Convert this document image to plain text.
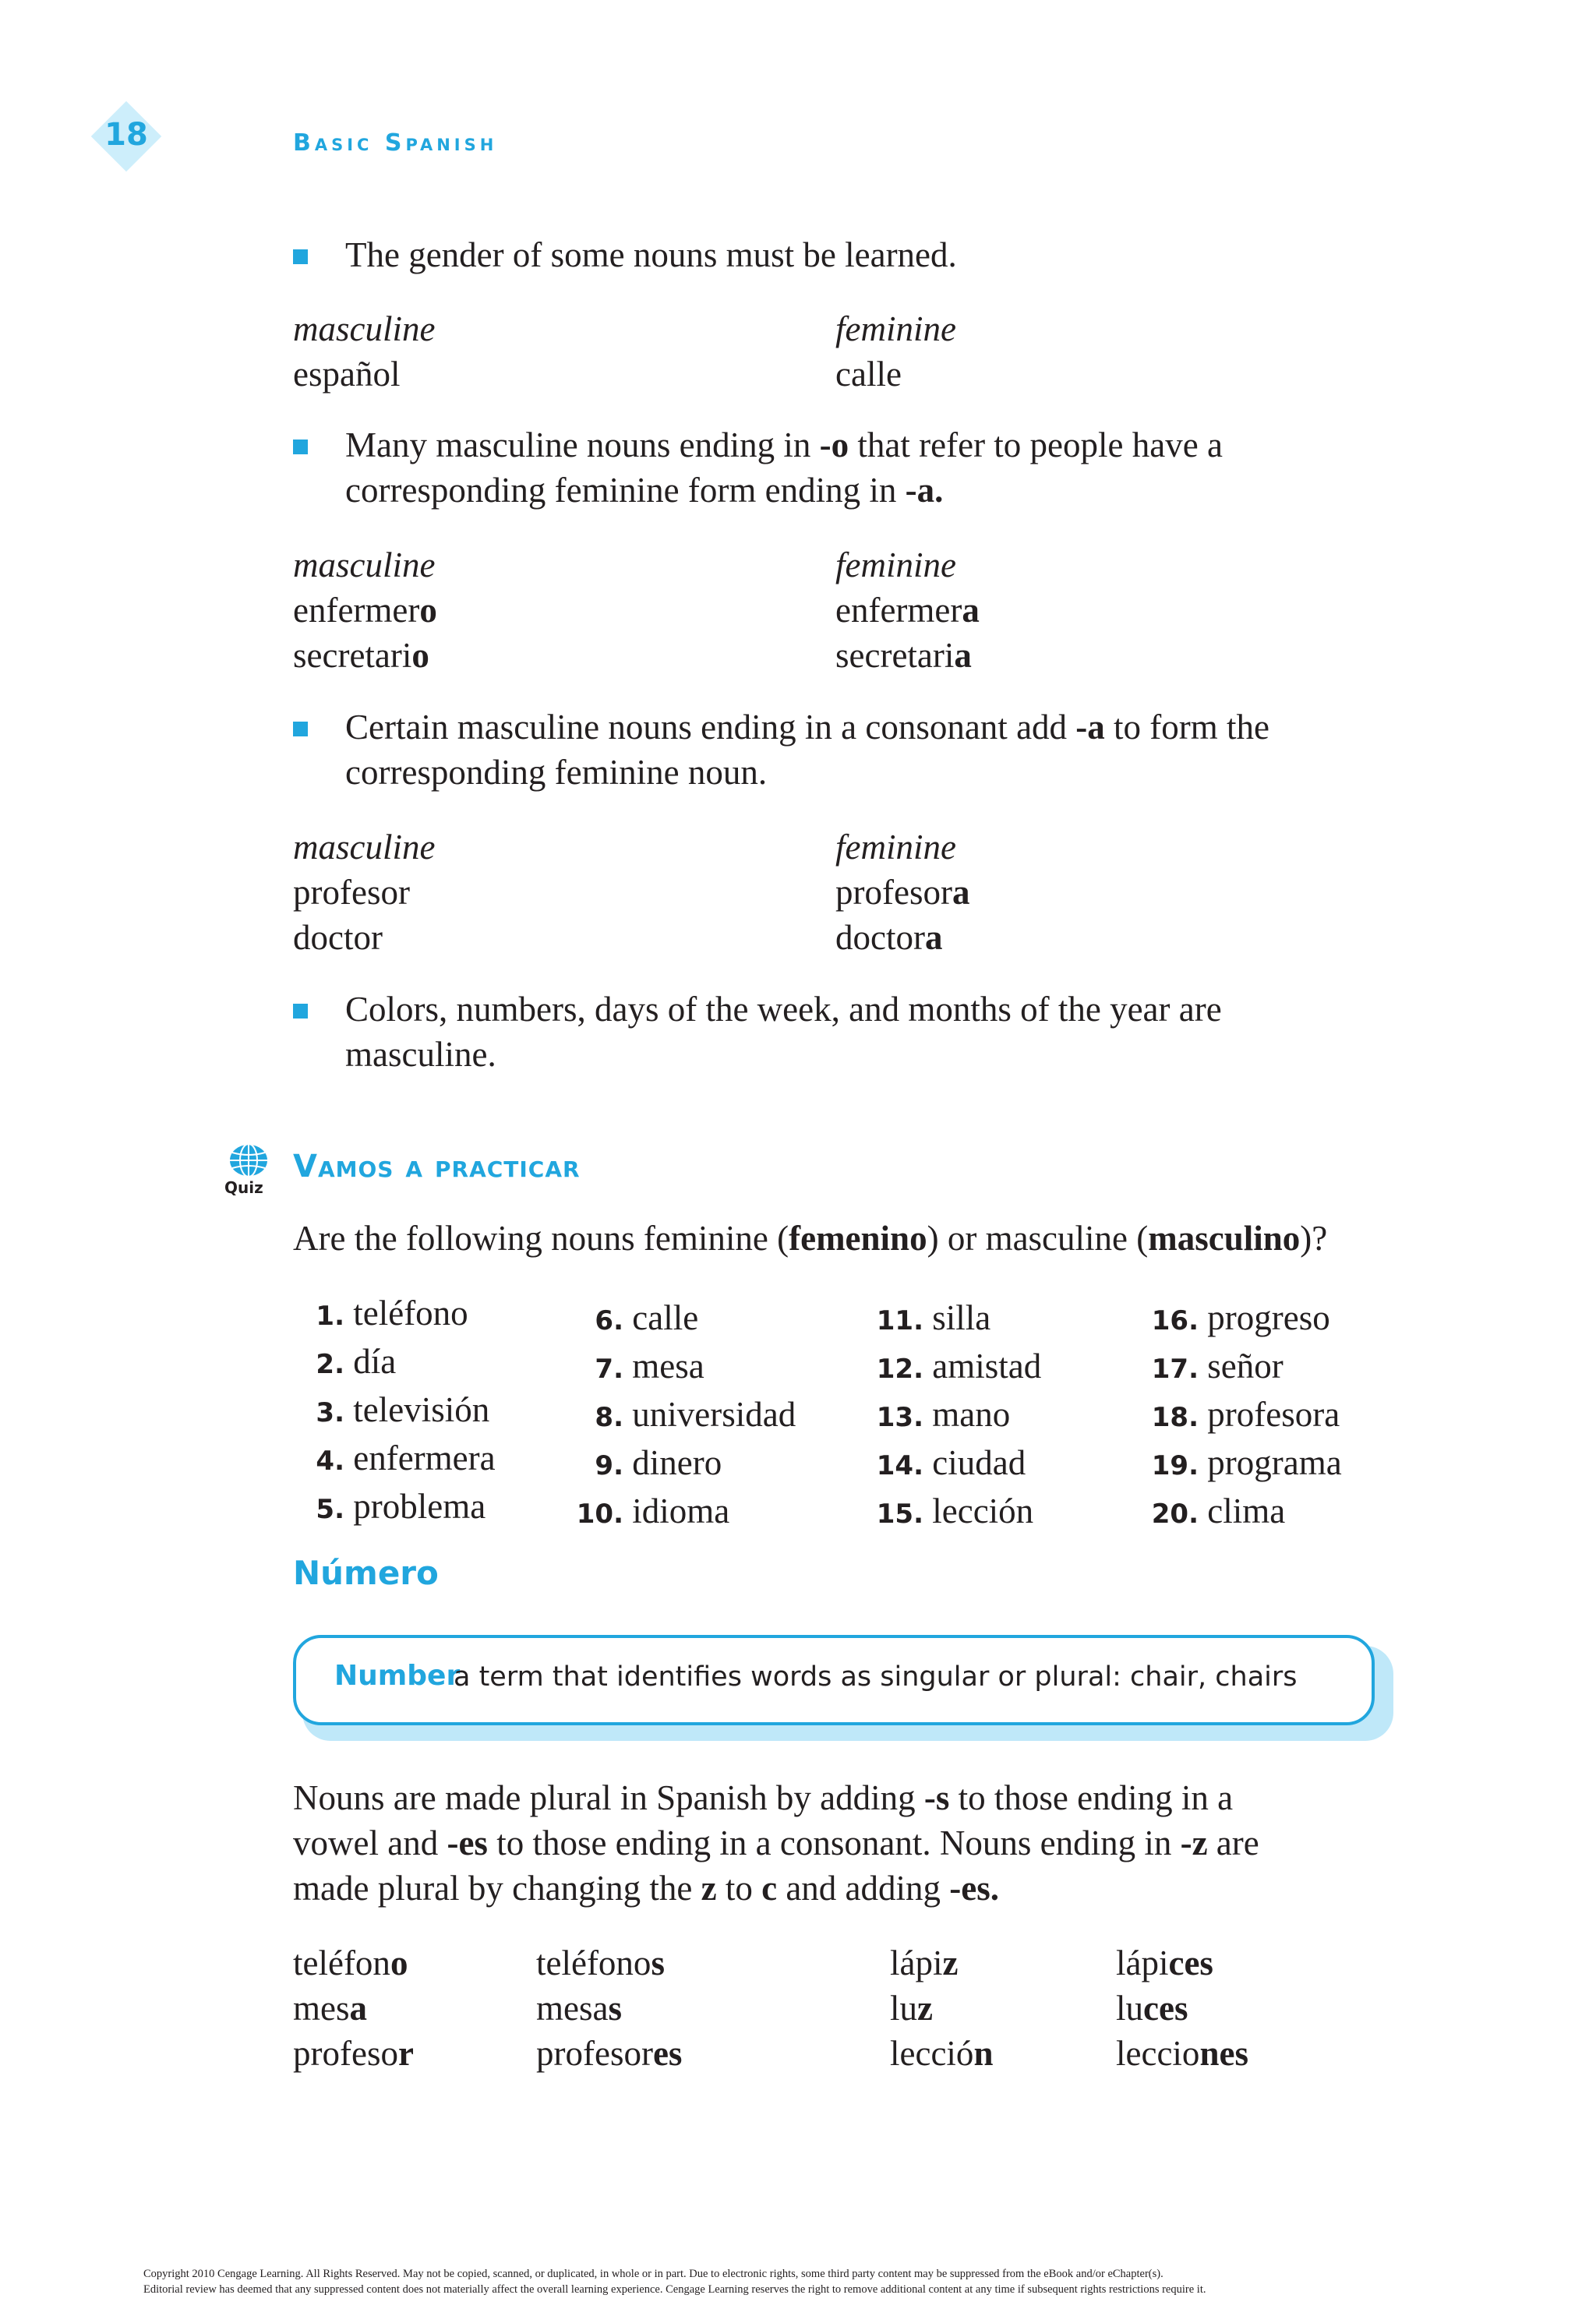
18	Basic Spanish
The gender of some nouns must be learned.
masculine	feminine
español	calle
Many masculine nouns ending in -o that refer to people have a
corresponding feminine form ending in -a.
masculine	feminine
enfermero	enfermera
secretario	secretaria
Certain masculine nouns ending in a consonant add -a to form the
corresponding feminine noun.
masculine	feminine
profesor	profesora
doctor	doctora
Colors, numbers, days of the week, and months of the year are
masculine.
Quiz
Vamos a practicar
Are the following nouns feminine (femenino) or masculine (masculino)?
1. teléfono
2. día
3. televisión
4. enfermera
5. problema
6. calle
7. mesa
8. universidad
9. dinero
10. idioma
11. silla
12. amistad
13. mano
14. ciudad
15. lección
16. progreso
17. señor
18. profesora
19. programa
20. clima
Número
Number
a term that identifies words as singular or plural: chair, chairs
Nouns are made plural in Spanish by adding -s to those ending in a
vowel and -es to those ending in a consonant. Nouns ending in -z are
made plural by changing the z to c and adding -es.
teléfono	teléfonos	lápiz	lápices
mesa	mesas	luz	luces
profesor	profesores	lección	lecciones
Copyright 2010 Cengage Learning. All Rights Reserved. May not be copied, scanned, or duplicated, in whole or in part. Due to electronic rights, some third party content may be suppressed from the eBook and/or eChapter(s).
Editorial review has deemed that any suppressed content does not materially affect the overall learning experience. Cengage Learning reserves the right to remove additional content at any time if subsequent rights restrictions require it.
